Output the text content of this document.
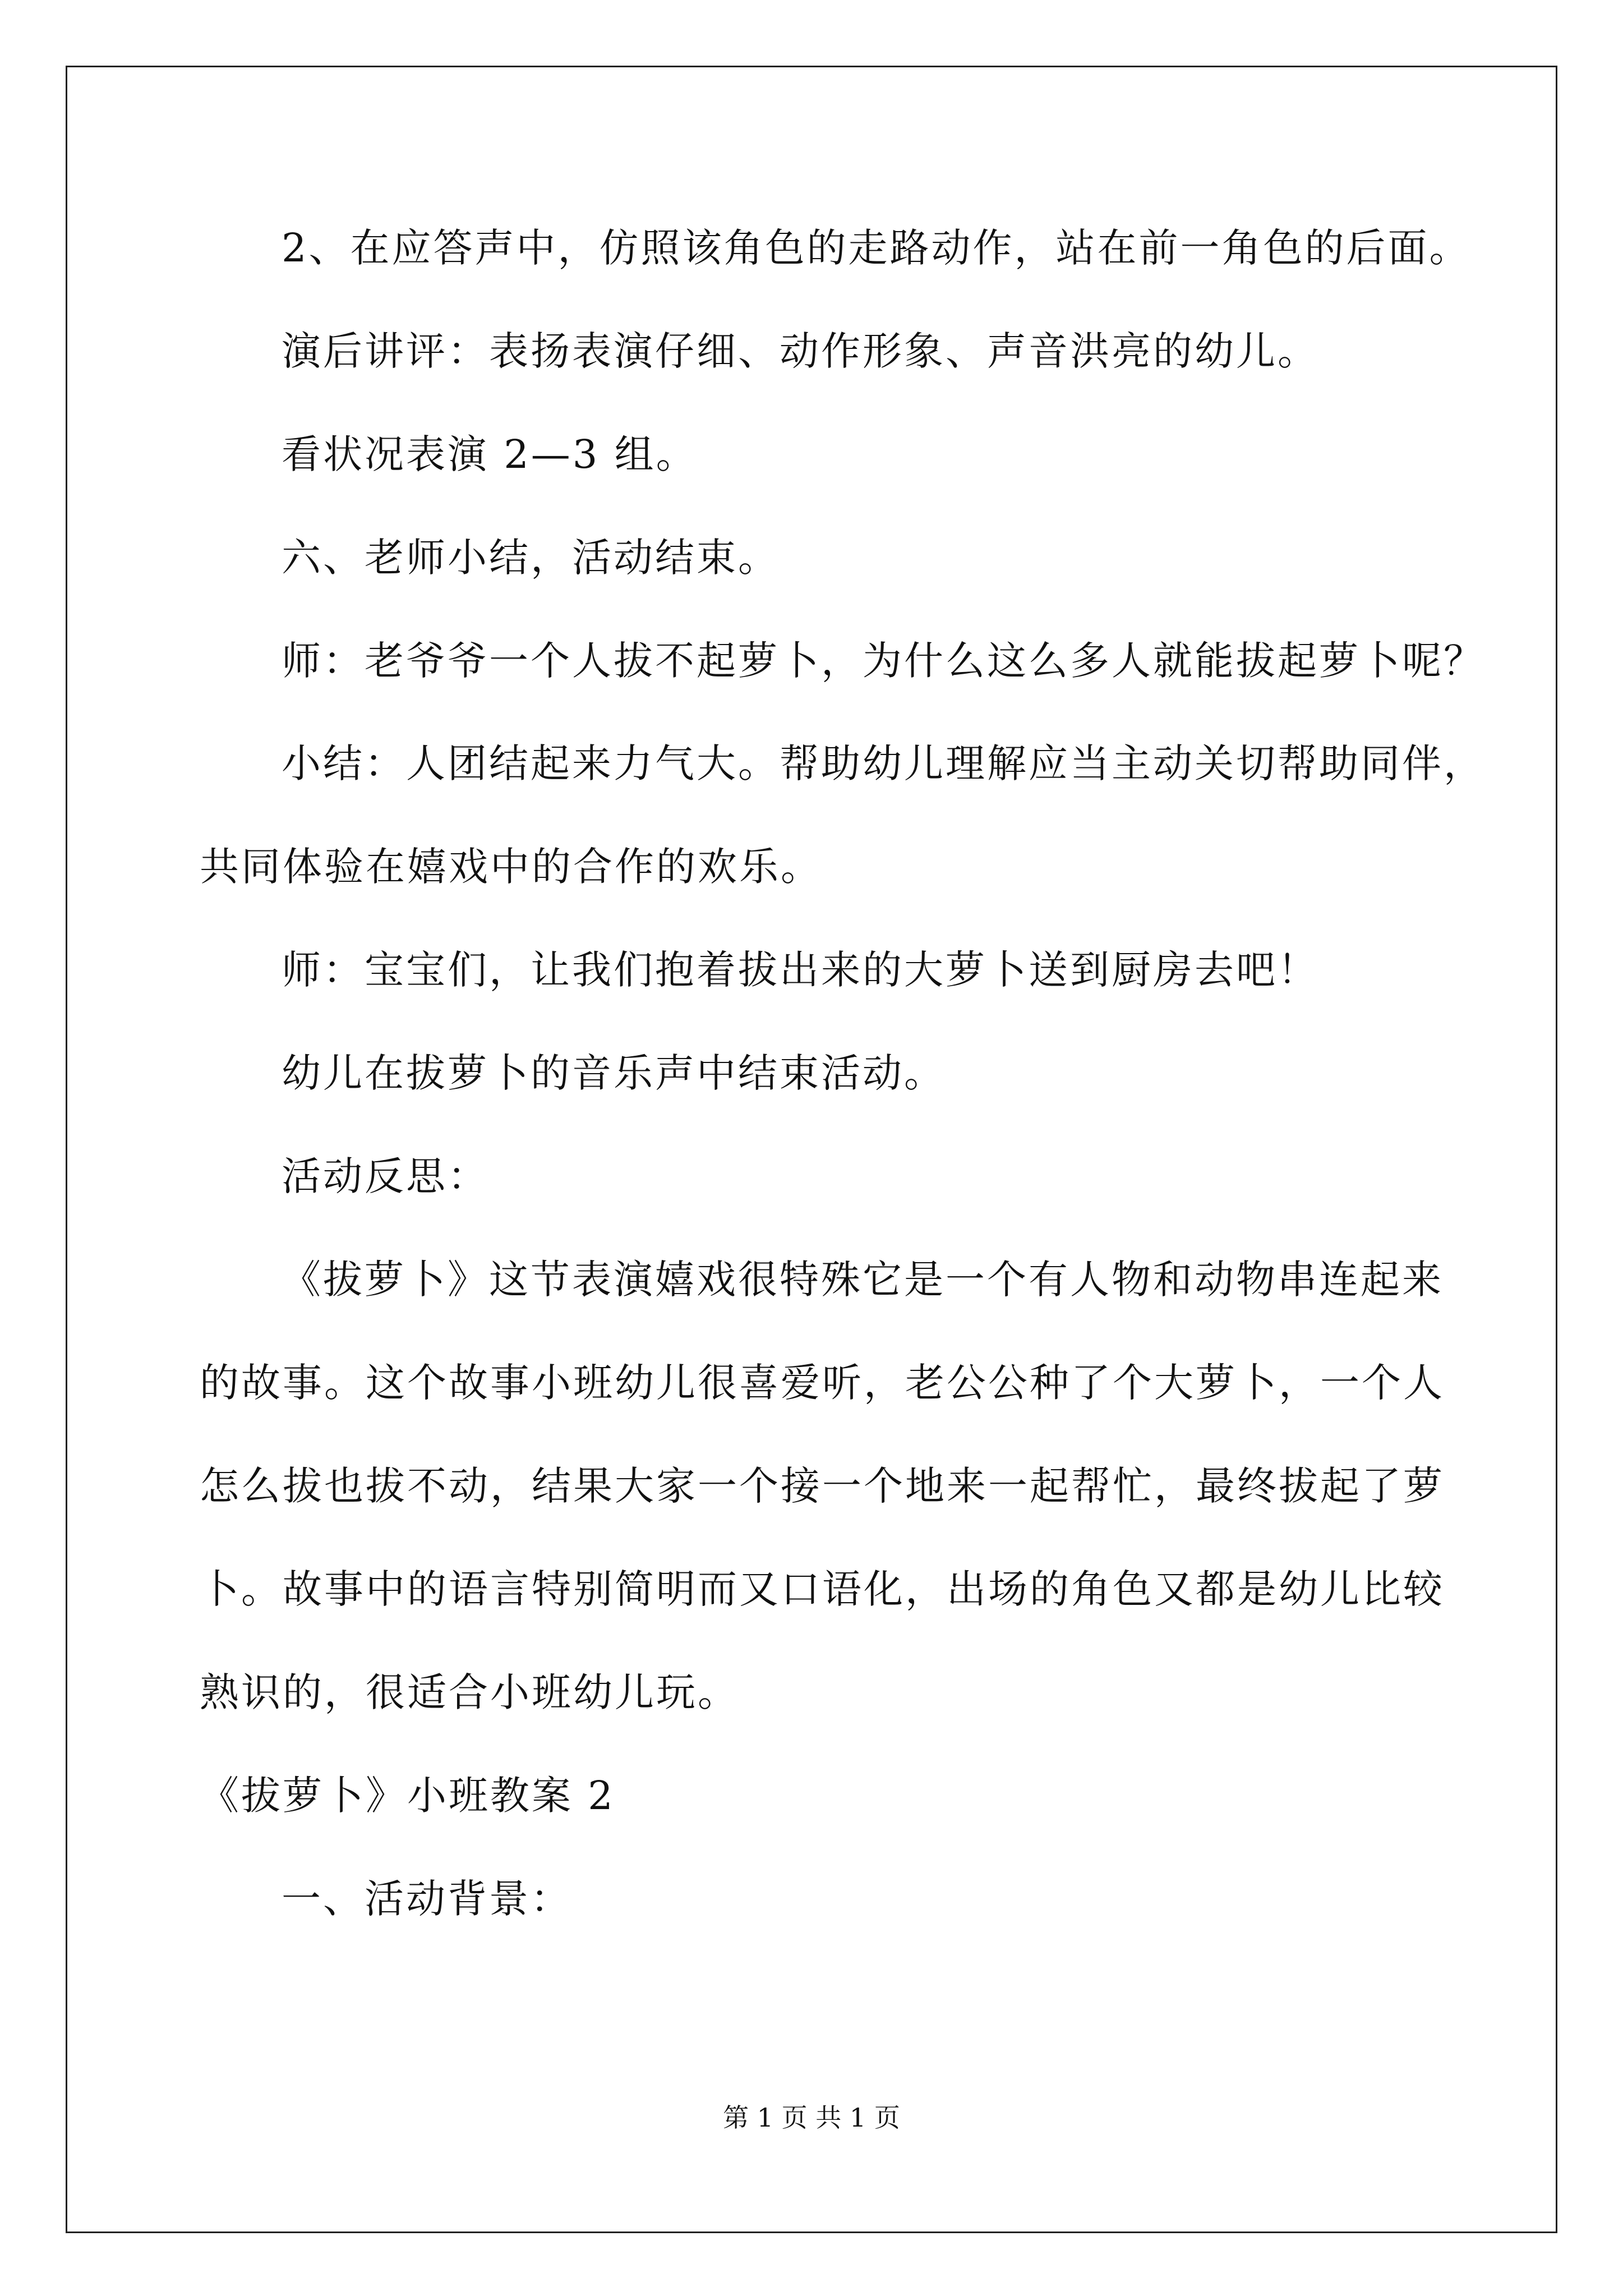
2、在应答声中，仿照该角色的走路动作，站在前一角色的后面。
演后讲评：表扬表演仔细、动作形象、声音洪亮的幼儿。
看状况表演 2—3 组。
六、老师小结，活动结束。
师：老爷爷一个人拔不起萝卜，为什么这么多人就能拔起萝卜呢？
小结：人团结起来力气大。帮助幼儿理解应当主动关切帮助同伴，
共同体验在嬉戏中的合作的欢乐。
师：宝宝们，让我们抱着拔出来的大萝卜送到厨房去吧！
幼儿在拔萝卜的音乐声中结束活动。
活动反思：
《拔萝卜》这节表演嬉戏很特殊它是一个有人物和动物串连起来
的故事。这个故事小班幼儿很喜爱听，老公公种了个大萝卜，一个人
怎么拔也拔不动，结果大家一个接一个地来一起帮忙，最终拔起了萝
卜。故事中的语言特别简明而又口语化，出场的角色又都是幼儿比较
熟识的，很适合小班幼儿玩。
《拔萝卜》小班教案 2
一、活动背景：
第 1 页 共 1 页
